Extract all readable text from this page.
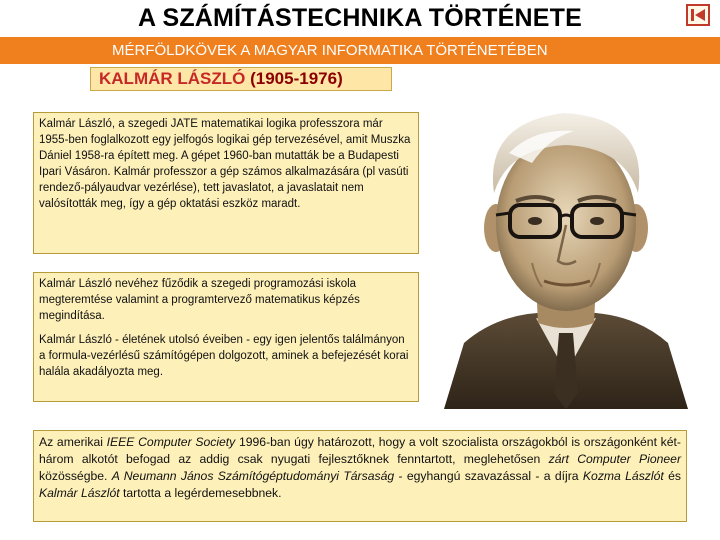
A SZÁMÍTÁSTECHNIKA TÖRTÉNETE
MÉRFÖLDKÖVEK A MAGYAR INFORMATIKA TÖRTÉNETÉBEN
KALMÁR LÁSZLÓ (1905-1976)
Kalmár László, a szegedi JATE matematikai logika professzora már 1955-ben foglalkozott egy jelfogós logikai gép tervezésével, amit Muszka Dániel 1958-ra épített meg. A gépet 1960-ban mutatták be a Budapesti Ipari Vásáron. Kalmár professzor a gép számos alkalmazására (pl vasúti rendező-pályaudvar vezérlése), tett javaslatot, a javaslatait nem valósították meg, így a gép oktatási eszköz maradt.
Kalmár László nevéhez fűződik a szegedi programozási iskola megteremtése valamint a programtervező matematikus képzés megindítása.
Kalmár László - életének utolsó éveiben - egy igen jelentős találmányon a formula-vezérlésű számítógépen dolgozott, aminek a befejezését korai halála akadályozta meg.
Az amerikai IEEE Computer Society 1996-ban úgy határozott, hogy a volt szocialista országokból is országonként két-három alkotót befogad az addig csak nyugati fejlesztőknek fenntartott, meglehetősen zárt Computer Pioneer közösségbe. A Neumann János Számítógéptudományi Társaság - egyhangú szavazással - a díjra Kozma Lászlót és Kalmár Lászlót tartotta a legérdemesebbnek.
